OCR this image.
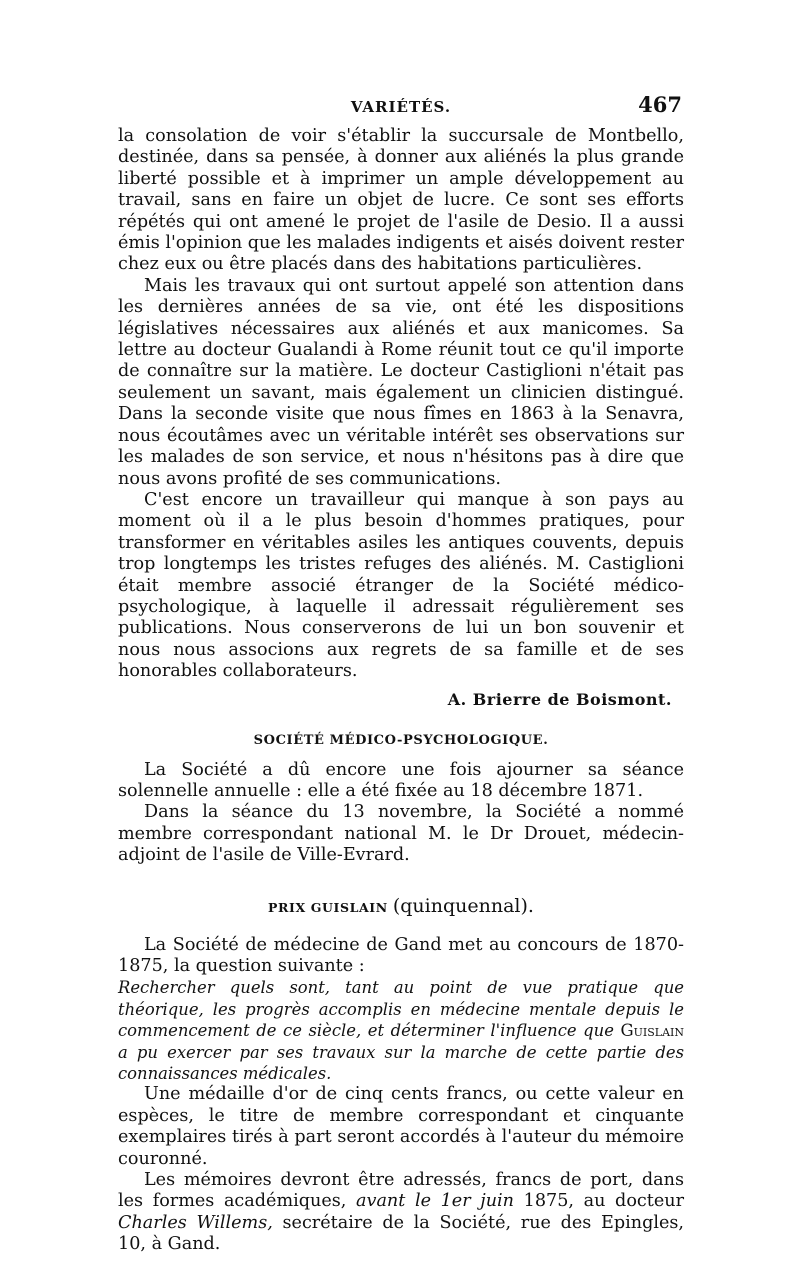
VARIÉTÉS.	467

la consolation de voir s'établir la succursale de Montbello, destinée, dans sa pensée, à donner aux aliénés la plus grande liberté possible et à imprimer un ample développement au travail, sans en faire un objet de lucre. Ce sont ses efforts répétés qui ont amené le projet de l'asile de Desio. Il a aussi émis l'opinion que les malades indigents et aisés doivent rester chez eux ou être placés dans des habitations particulières.

Mais les travaux qui ont surtout appelé son attention dans les dernières années de sa vie, ont été les dispositions législatives nécessaires aux aliénés et aux manicomes. Sa lettre au docteur Gualandi à Rome réunit tout ce qu'il importe de connaître sur la matière. Le docteur Castiglioni n'était pas seulement un savant, mais également un clinicien distingué. Dans la seconde visite que nous fîmes en 1863 à la Senavra, nous écoutâmes avec un véritable intérêt ses observations sur les malades de son service, et nous n'hésitons pas à dire que nous avons profité de ses communications.

C'est encore un travailleur qui manque à son pays au moment où il a le plus besoin d'hommes pratiques, pour transformer en véritables asiles les antiques couvents, depuis trop longtemps les tristes refuges des aliénés. M. Castiglioni était membre associé étranger de la Société médico-psychologique, à laquelle il adressait régulièrement ses publications. Nous conserverons de lui un bon souvenir et nous nous associons aux regrets de sa famille et de ses honorables collaborateurs.

A. Brierre de Boismont.
SOCIÉTÉ MÉDICO-PSYCHOLOGIQUE.

La Société a dû encore une fois ajourner sa séance solennelle annuelle : elle a été fixée au 18 décembre 1871.

Dans la séance du 13 novembre, la Société a nommé membre correspondant national M. le Dr Drouet, médecin-adjoint de l'asile de Ville-Evrard.

PRIX GUISLAIN (quinquennal).

La Société de médecine de Gand met au concours de 1870-1875, la question suivante :

Rechercher quels sont, tant au point de vue pratique que théorique, les progrès accomplis en médecine mentale depuis le commencement de ce siècle, et déterminer l'influence que Guislain a pu exercer par ses travaux sur la marche de cette partie des connaissances médicales.

Une médaille d'or de cinq cents francs, ou cette valeur en espèces, le titre de membre correspondant et cinquante exemplaires tirés à part seront accordés à l'auteur du mémoire couronné.

Les mémoires devront être adressés, francs de port, dans les formes académiques, avant le 1er juin 1875, au docteur Charles Willems, secrétaire de la Société, rue des Epingles, 10, à Gand.
